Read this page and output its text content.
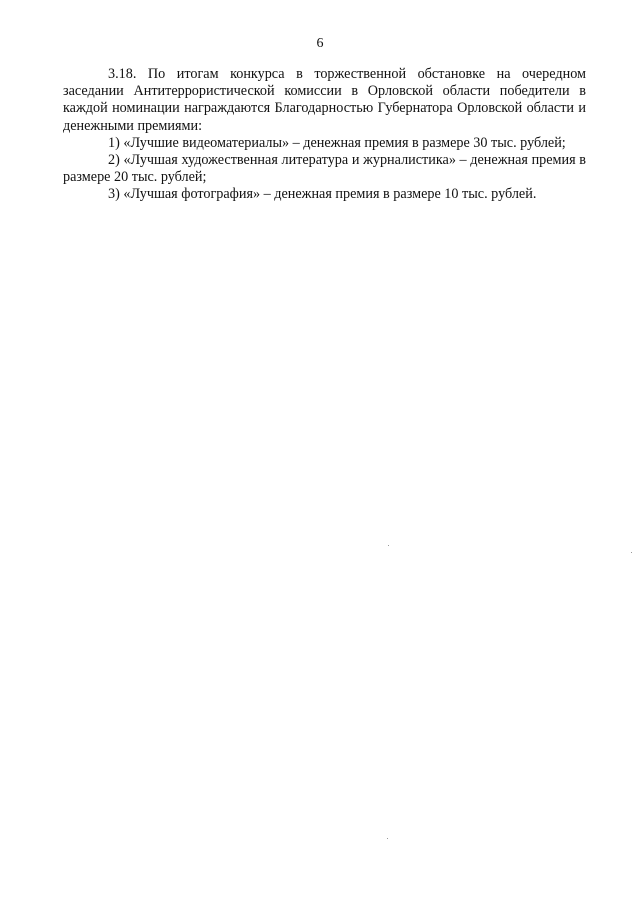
6

3.18. По итогам конкурса в торжественной обстановке на очередном заседании Антитеррористической комиссии в Орловской области победители в каждой номинации награждаются Благодарностью Губернатора Орловской области и денежными премиями:

1) «Лучшие видеоматериалы» – денежная премия в размере 30 тыс. рублей;

2) «Лучшая художественная литература и журналистика» – денежная премия в размере 20 тыс. рублей;

3) «Лучшая фотография» – денежная премия в размере 10 тыс. рублей.
